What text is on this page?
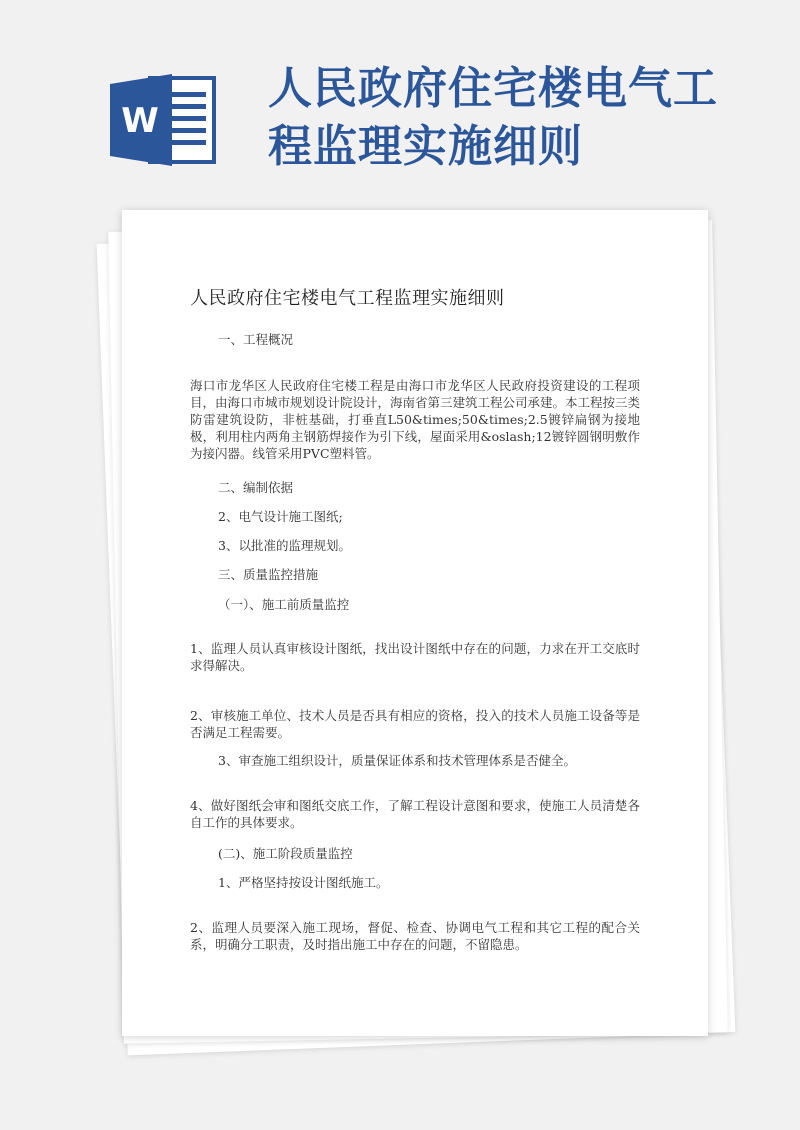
W
人民政府住宅楼电气工
程监理实施细则
人民政府住宅楼电气工程监理实施细则
一、工程概况
海口市龙华区人民政府住宅楼工程是由海口市龙华区人民政府投资建设的工程项目，由海口市城市规划设计院设计，海南省第三建筑工程公司承建。本工程按三类防雷建筑设防，非桩基础，打垂直L50&times;50&times;2.5镀锌扁钢为接地极，利用柱内两角主钢筋焊接作为引下线，屋面采用&oslash;12镀锌圆钢明敷作为接闪器。线管采用PVC塑料管。
二、编制依据
2、电气设计施工图纸;
3、以批准的监理规划。
三、质量监控措施
（一）、施工前质量监控
1、监理人员认真审核设计图纸，找出设计图纸中存在的问题，力求在开工交底时求得解决。
2、审核施工单位、技术人员是否具有相应的资格，投入的技术人员施工设备等是否满足工程需要。
3、审查施工组织设计，质量保证体系和技术管理体系是否健全。
4、做好图纸会审和图纸交底工作，了解工程设计意图和要求，使施工人员清楚各自工作的具体要求。
(二)、施工阶段质量监控
1、严格坚持按设计图纸施工。
2、监理人员要深入施工现场，督促、检查、协调电气工程和其它工程的配合关系，明确分工职责，及时指出施工中存在的问题，不留隐患。
